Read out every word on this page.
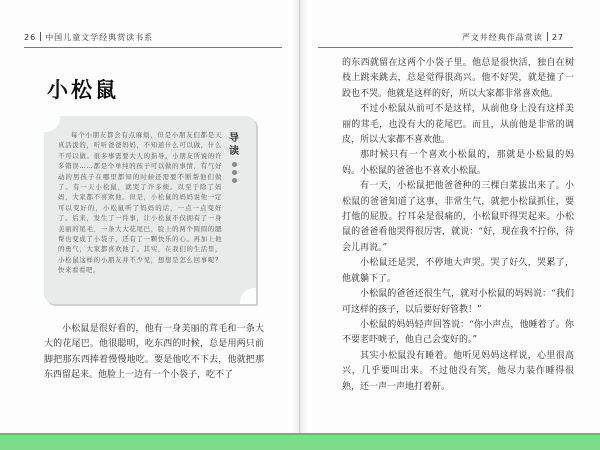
26 中国儿童文学经典赏读书系
小松鼠
每个小朋友都会有点麻烦，但是小朋友们都是天真活泼的，听听爸爸妈妈，不知道什么可以做，什么不可以做。很多事需要大人的指导。小朋友所说的许多错误……都是个单纯的孩子可以做的事情，有气好动的男孩子在哪里都知的时候还需要不断帮他们做了。有一天小松鼠，就哭了许多烦。以至于除了妈妈，大家都不喜欢他。但是，小松鼠的妈妈说他一定可以变好的，小松鼠听了妈妈的话，一点一点变好了。后来，发生了一件事，让小松鼠不仅拥有了一身美丽的尾毛，一条大大花尾巴，脸上的两个圆圆的腮帮也变成了小袋子，还有了一颗快乐的心。再加上他的勇气，大家都喜欢他了。其实，在我们的生活里，小松鼠这样的小朋友并不少见，想想是怎么回事呢？快来看看吧。
导读

小松鼠是很好看的，他有一身美丽的茸毛和一条大大的花尾巴。他很聪明，吃东西的时候，总是用两只前脚把那东西捧着慢慢地吃。要是他吃不下去，他就把那东西留起来。他脸上一边有一个小袋子，吃不了

严文井经典作品赏读 27

的东西就留在这两个小袋子里。他总是很快活，独自在树枝上跳来跳去，总是觉得很高兴。他不好哭，就是撞了一跤也不哭。他就是这样的好，所以大家都非常喜欢他。

不过小松鼠从前可不是这样，从前他身上没有这样美丽的茸毛，也没有大的花尾巴。而且，从前他是非常的调皮，所以大家都不喜欢他。

那时候只有一个喜欢小松鼠的，那就是小松鼠的妈妈。小松鼠的爸爸也不喜欢小松鼠。

有一天，小松鼠把他爸爸种的三棵白菜拔出来了。小松鼠的爸爸知道了这事，非常生气，就把小松鼠抓住，要打他的屁股。拧耳朵是很痛的，小松鼠吓得哭起来。小松鼠的爸爸看他哭得很厉害，就说：“好，现在我不拧你，待会儿再说。”

小松鼠还是哭，不停地大声哭。哭了好久，哭累了，他就躺下了。

小松鼠的爸爸还很生气，就对小松鼠的妈妈说：“我们可这样的孩子，以后要好好管教！”

小松鼠的妈妈轻声回答说：“你小声点，他睡着了。你不要老吓唬子，他自己会变好的。”

其实小松鼠没有睡着。他听见妈妈这样说，心里很高兴，几乎要叫出来。不过他没有笑，他尽力装作睡得很熟，还一声一声地打着鼾。
